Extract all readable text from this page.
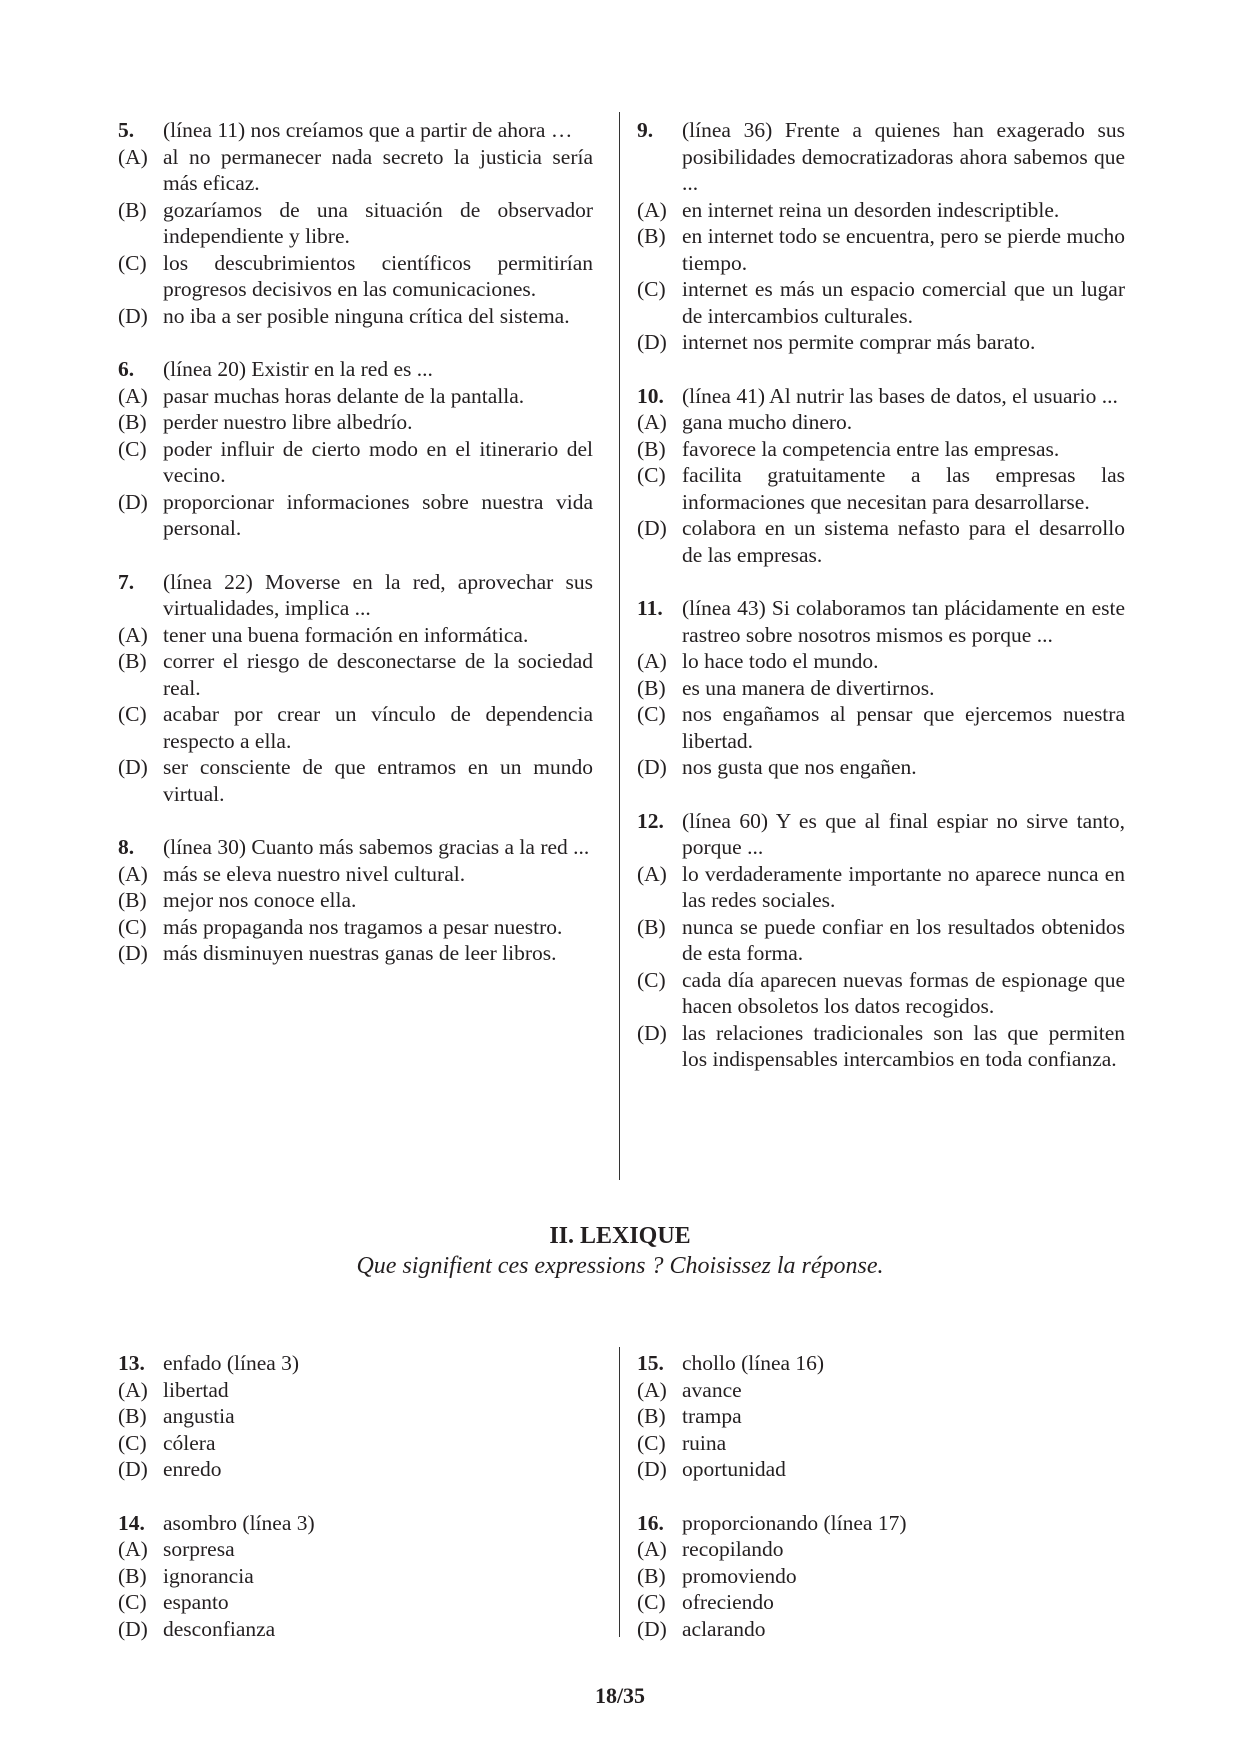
5.	(línea 11) nos creíamos que a partir de ahora …
(A) al no permanecer nada secreto la justicia sería más eficaz.
(B) gozaríamos de una situación de observador independiente y libre.
(C) los descubrimientos científicos permitirían progresos decisivos en las comunicaciones.
(D) no iba a ser posible ninguna crítica del sistema.
6.	(línea 20) Existir en la red es ...
(A) pasar muchas horas delante de la pantalla.
(B) perder nuestro libre albedrío.
(C) poder influir de cierto modo en el itinerario del vecino.
(D) proporcionar informaciones sobre nuestra vida personal.
7.	(línea 22) Moverse en la red, aprovechar sus virtualidades, implica ...
(A) tener una buena formación en informática.
(B) correr el riesgo de desconectarse de la sociedad real.
(C) acabar por crear un vínculo de dependencia respecto a ella.
(D) ser consciente de que entramos en un mundo virtual.
8.	(línea 30) Cuanto más sabemos gracias a la red ...
(A) más se eleva nuestro nivel cultural.
(B) mejor nos conoce ella.
(C) más propaganda nos tragamos a pesar nuestro.
(D) más disminuyen nuestras ganas de leer libros.
9.	(línea 36) Frente a quienes han exagerado sus posibilidades democratizadoras ahora sabemos que ...
(A) en internet reina un desorden indescriptible.
(B) en internet todo se encuentra, pero se pierde mucho tiempo.
(C) internet es más un espacio comercial que un lugar de intercambios culturales.
(D) internet nos permite comprar más barato.
10. (línea 41) Al nutrir las bases de datos, el usuario ...
(A) gana mucho dinero.
(B) favorece la competencia entre las empresas.
(C) facilita gratuitamente a las empresas las informaciones que necesitan para desarrollarse.
(D) colabora en un sistema nefasto para el desarrollo de las empresas.
11. (línea 43) Si colaboramos tan plácidamente en este rastreo sobre nosotros mismos es porque ...
(A) lo hace todo el mundo.
(B) es una manera de divertirnos.
(C) nos engañamos al pensar que ejercemos nuestra libertad.
(D) nos gusta que nos engañen.
12. (línea 60) Y es que al final espiar no sirve tanto, porque ...
(A) lo verdaderamente importante no aparece nunca en las redes sociales.
(B) nunca se puede confiar en los resultados obtenidos de esta forma.
(C) cada día aparecen nuevas formas de espionage que hacen obsoletos los datos recogidos.
(D) las relaciones tradicionales son las que permiten los indispensables intercambios en toda confianza.
II. LEXIQUE
Que signifient ces expressions ? Choisissez la réponse.
13. enfado (línea 3)
(A) libertad
(B) angustia
(C) cólera
(D) enredo
14. asombro (línea 3)
(A) sorpresa
(B) ignorancia
(C) espanto
(D) desconfianza
15. chollo (línea 16)
(A) avance
(B) trampa
(C) ruina
(D) oportunidad
16. proporcionando (línea 17)
(A) recopilando
(B) promoviendo
(C) ofreciendo
(D) aclarando
18/35
